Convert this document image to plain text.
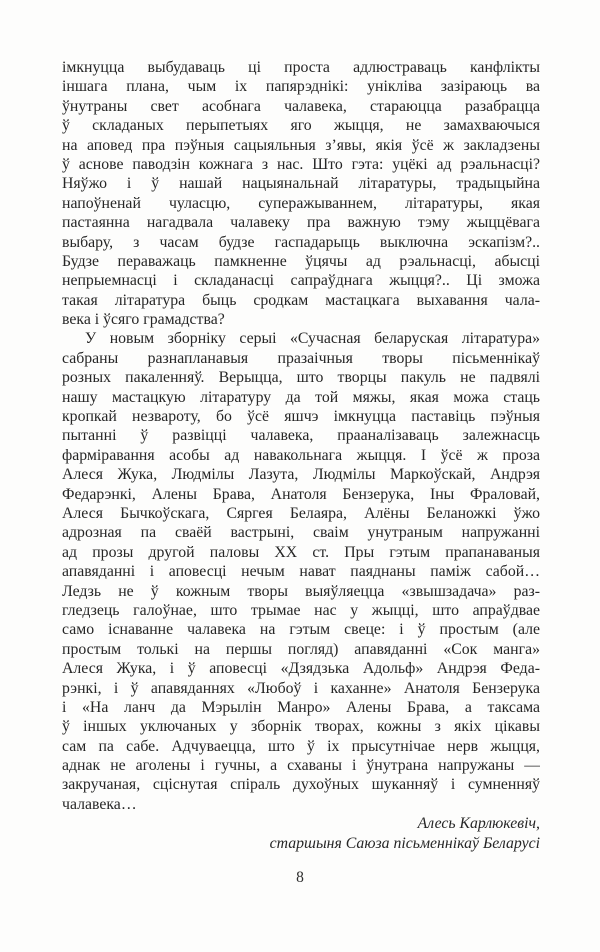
імкнуцца выбудаваць ці проста адлюстраваць канфлікты
іншага плана, чым іх папярэднікі: унікліва зазіраюць ва
ўнутраны свет асобнага чалавека, стараюцца разабрацца
ў складаных перыпетыях яго жыцця, не замахваючыся
на аповед пра пэўныя сацыяльныя з’явы, якія ўсё ж закладзены
ў аснове паводзін кожнага з нас. Што гэта: уцёкі ад рэальнасці?
Няўжо і ў нашай нацыянальнай літаратуры, традыцыйна
напоўненай чуласцю, суперажываннем, літаратуры, якая
пастаянна нагадвала чалавеку пра важную тэму жыццёвага
выбару, з часам будзе гаспадарыць выключна эскапізм?..
Будзе пераважаць памкненне ўцячы ад рэальнасці, абысці
непрыемнасці і складанасці сапраўднага жыцця?.. Ці зможа
такая літаратура быць сродкам мастацкага выхавання чала-
века і ўсяго грамадства?
У новым зборніку серыі «Сучасная беларуская літаратура»
сабраны разнапланавыя празаічныя творы пісьменнікаў
розных пакаленняў. Верыцца, што творцы пакуль не падвялі
нашу мастацкую літаратуру да той мяжы, якая можа стаць
кропкай незвароту, бо ўсё яшчэ імкнуцца паставіць пэўныя
пытанні ў развіцці чалавека, прааналізаваць залежнасць
фарміравання асобы ад навакольнага жыцця. І ўсё ж проза
Алеся Жука, Людмілы Лазута, Людмілы Маркоўскай, Андрэя
Федарэнкі, Алены Брава, Анатоля Бензерука, Іны Фраловай,
Алеся Бычкоўскага, Сяргея Белаяра, Алёны Беланожкі ўжо
адрозная па сваёй вастрыні, сваім унутраным напружанні
ад прозы другой паловы XX ст. Пры гэтым прапанаваныя
апавяданні і аповесці нечым нават паяднаны паміж сабой…
Ледзь не ў кожным творы выяўляецца «звышзадача» раз-
гледзець галоўнае, што трымае нас у жыцці, што апраўдвае
само існаванне чалавека на гэтым свеце: і ў простым (але
простым толькі на першы погляд) апавяданні «Сок манга»
Алеся Жука, і ў аповесці «Дзядзька Адольф» Андрэя Феда-
рэнкі, і ў апавяданнях «Любоў і каханне» Анатоля Бензерука
і «На ланч да Мэрылін Манро» Алены Брава, а таксама
ў іншых уключаных у зборнік творах, кожны з якіх цікавы
сам па сабе. Адчуваецца, што ў іх прысутнічае нерв жыцця,
аднак не аголены і гучны, а схаваны і ўнутрана напружаны —
закручаная, сціснутая спіраль духоўных шуканняў і сумненняў
чалавека…
Алесь Карлюкевіч,
старшыня Саюза пісьменнікаў Беларусі
8
